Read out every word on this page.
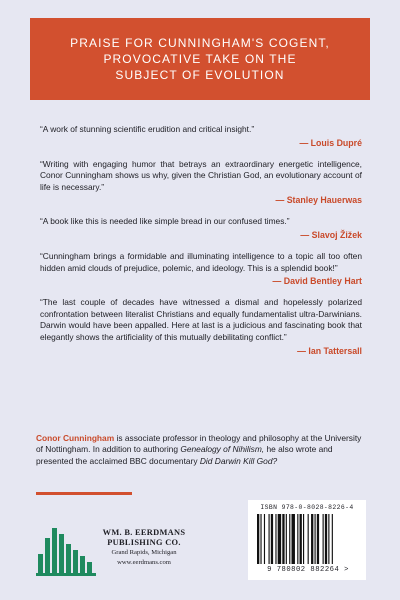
PRAISE FOR CUNNINGHAM'S COGENT,
PROVOCATIVE TAKE ON THE
SUBJECT OF EVOLUTION
“A work of stunning scientific erudition and critical insight.”
— Louis Dupré
“Writing with engaging humor that betrays an extraordinary energetic intelligence, Conor Cunningham shows us why, given the Christian God, an evolutionary account of life is necessary.”
— Stanley Hauerwas
“A book like this is needed like simple bread in our confused times.”
— Slavoj Žižek
“Cunningham brings a formidable and illuminating intelligence to a topic all too often hidden amid clouds of prejudice, polemic, and ideology. This is a splendid book!”
— David Bentley Hart
“The last couple of decades have witnessed a dismal and hopelessly polarized confrontation between literalist Christians and equally fundamentalist ultra-Darwinians. Darwin would have been appalled. Here at last is a judicious and fascinating book that elegantly shows the artificiality of this mutually debilitating conflict.”
— Ian Tattersall
Conor Cunningham is associate professor in theology and philosophy at the University of Nottingham. In addition to authoring Genealogy of Nihilism, he also wrote and presented the acclaimed BBC documentary Did Darwin Kill God?
WM. B. EERDMANS
PUBLISHING CO.
Grand Rapids, Michigan
www.eerdmans.com
ISBN 978-0-8028-8226-4
9 780802 882264 >
